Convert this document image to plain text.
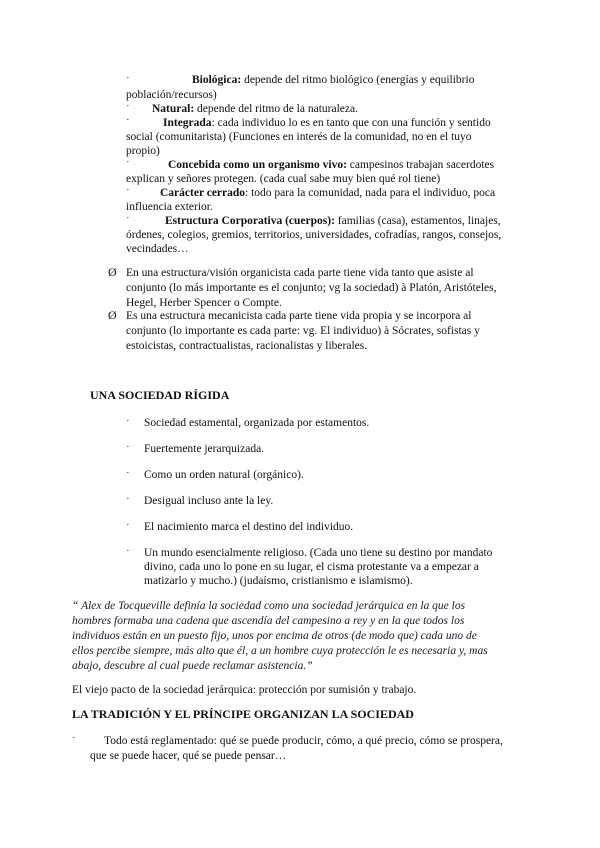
·	Biológica: depende del ritmo biológico (energías y equilibrio
población/recursos)
· Natural: depende del ritmo de la naturaleza.
·	Integrada: cada individuo lo es en tanto que con una función y sentido
social (comunitarista) (Funciones en interés de la comunidad, no en el tuyo
propio)
·	Concebida como un organismo vivo: campesinos trabajan sacerdotes
explican y señores protegen. (cada cual sabe muy bien qué rol tiene)
·	Carácter cerrado: todo para la comunidad, nada para el individuo, poca
influencia exterior.
·	Estructura Corporativa (cuerpos): familias (casa), estamentos, linajes,
órdenes, colegios, gremios, territorios, universidades, cofradías, rangos, consejos,
vecindades…
Ø En una estructura/visión organicista cada parte tiene vida tanto que asiste al
conjunto (lo más importante es el conjunto; vg la sociedad) à Platón, Aristóteles,
Hegel, Herber Spencer o Compte.
Ø Es una estructura mecanicista cada parte tiene vida propia y se incorpora al
conjunto (lo importante es cada parte: vg. El individuo) à Sócrates, sofistas y
estoicistas, contractualistas, racionalistas y liberales.
UNA SOCIEDAD RÍGIDA
· Sociedad estamental, organizada por estamentos.
· Fuertemente jerarquizada.
· Como un orden natural (orgánico).
· Desigual incluso ante la ley.
· El nacimiento marca el destino del individuo.
· Un mundo esencialmente religioso. (Cada uno tiene su destino por mandato
divino, cada uno lo pone en su lugar, el cisma protestante va a empezar a
matizarlo y mucho.) (judaísmo, cristianismo e islamismo).
“ Alex de Tocqueville definía la sociedad como una sociedad jerárquica en la que los
hombres formaba una cadena que ascendía del campesino a rey y en la que todos los
individuos están en un puesto fijo, unos por encima de otros (de modo que) cada uno de
ellos percibe siempre, más alto que él, a un hombre cuya protección le es necesaria y, mas
abajo, descubre al cual puede reclamar asistencia.”
El viejo pacto de la sociedad jerárquica: protección por sumisión y trabajo.
LA TRADICIÓN Y EL PRÍNCIPE ORGANIZAN LA SOCIEDAD
· Todo está reglamentado: qué se puede producir, cómo, a qué precio, cómo se prospera,
que se puede hacer, qué se puede pensar…
